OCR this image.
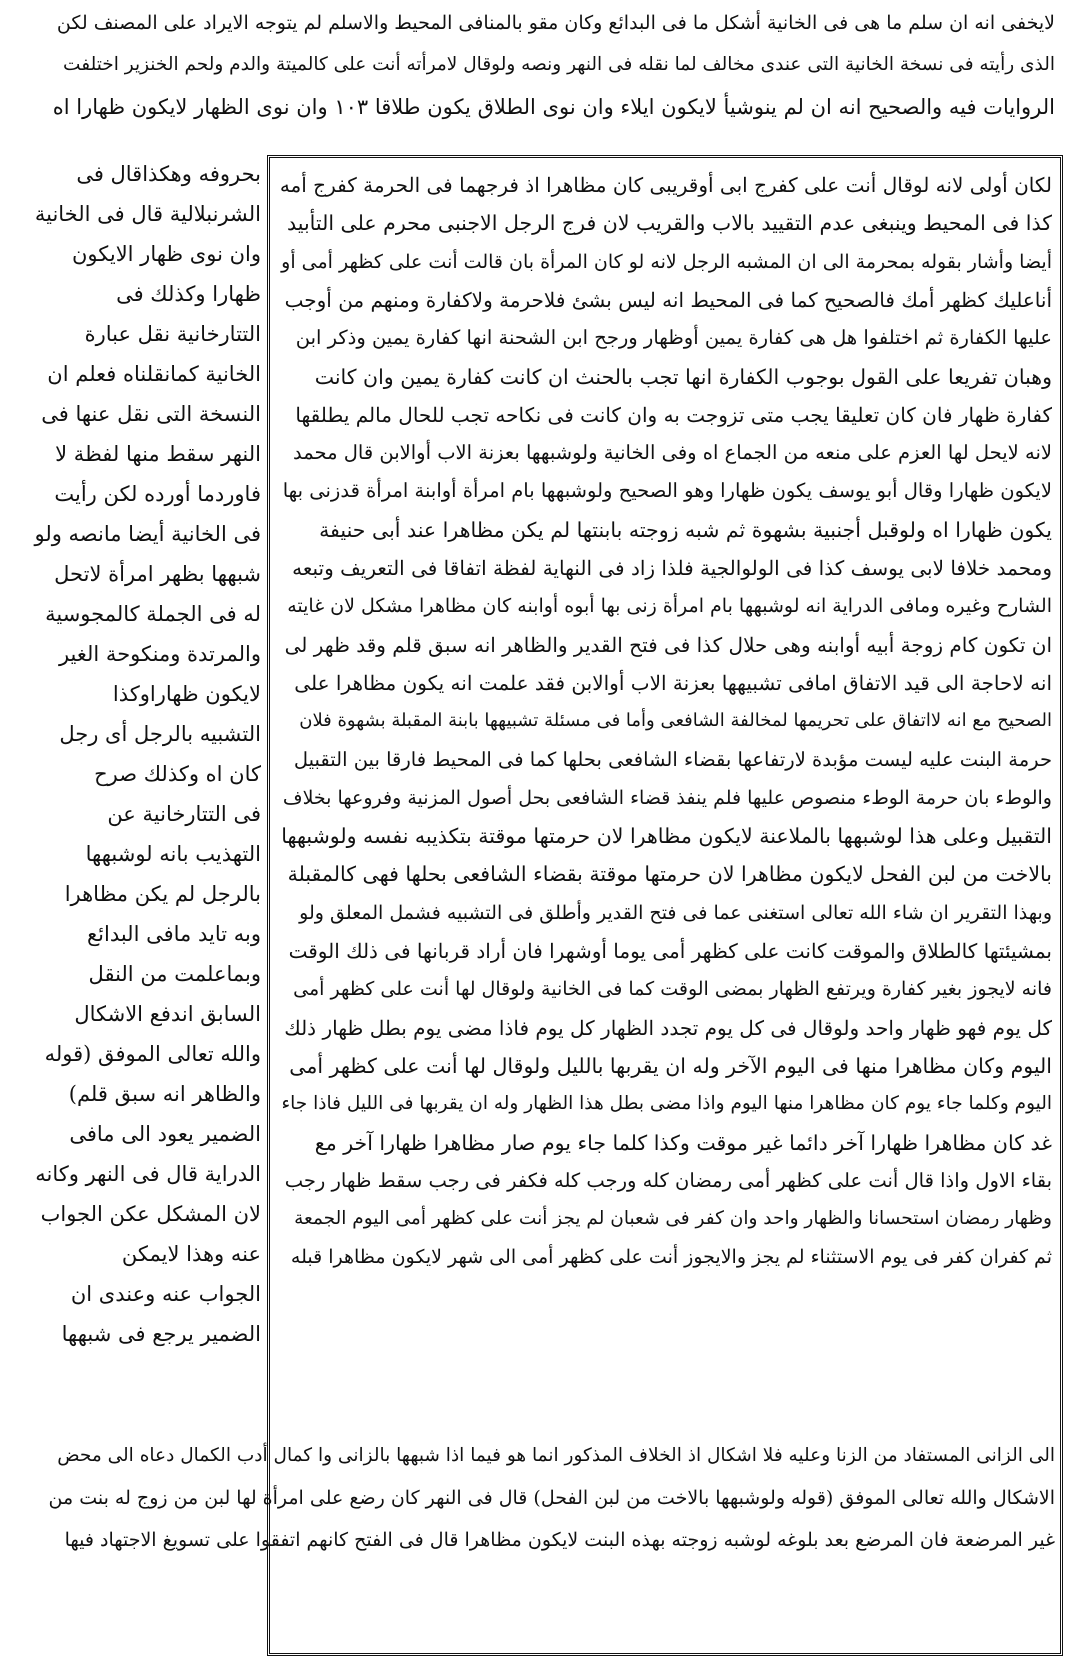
لايخفى انه ان سلم ما هى فى الخانية أشكل ما فى البدائع وكان مقو بالمنافى المحيط والاسلم لم يتوجه الايراد على المصنف لكن
الذى رأيته فى نسخة الخانية التى عندى مخالف لما نقله فى النهر ونصه ولوقال لامرأته أنت على كالميتة والدم ولحم الخنزير اختلفت
الروايات فيه والصحيح انه ان لم ينوشيأ لايكون ايلاء وان نوى الطلاق يكون طلاقا ١٠٣ وان نوى الظهار لايكون ظهارا اه
بحروفه وهكذاقال فى
الشرنبلالية قال فى الخانية
وان نوى ظهار الايكون
ظهارا وكذلك فى
التتارخانية نقل عبارة
الخانية كمانقلناه فعلم ان
النسخة التى نقل عنها فى
النهر سقط منها لفظة لا
فاوردما أورده لكن رأيت
فى الخانية أيضا مانصه ولو
شبهها بظهر امرأة لاتحل
له فى الجملة كالمجوسية
والمرتدة ومنكوحة الغير
لايكون ظهاراوكذا
التشبيه بالرجل أى رجل
كان اه وكذلك صرح
فى التتارخانية عن
التهذيب بانه لوشبهها
بالرجل لم يكن مظاهرا
وبه تايد مافى البدائع
وبماعلمت من النقل
السابق اندفع الاشكال
والله تعالى الموفق (قوله
والظاهر انه سبق قلم)
الضمير يعود الى مافى
الدراية قال فى النهر وكانه
لان المشكل عكن الجواب
عنه وهذا لايمكن
الجواب عنه وعندى ان
الضمير يرجع فى شبهها
لكان أولى لانه لوقال أنت على كفرج ابى أوقريبى كان مظاهرا اذ فرجهما فى الحرمة كفرج أمه
كذا فى المحيط وينبغى عدم التقييد بالاب والقريب لان فرج الرجل الاجنبى محرم على التأبيد
أيضا وأشار بقوله بمحرمة الى ان المشبه الرجل لانه لو كان المرأة بان قالت أنت على كظهر أمى أو
أناعليك كظهر أمك فالصحيح كما فى المحيط انه ليس بشئ فلاحرمة ولاكفارة ومنهم من أوجب
عليها الكفارة ثم اختلفوا هل هى كفارة يمين أوظهار ورجح ابن الشحنة انها كفارة يمين وذكر ابن
وهبان تفريعا على القول بوجوب الكفارة انها تجب بالحنث ان كانت كفارة يمين وان كانت
كفارة ظهار فان كان تعليقا يجب متى تزوجت به وان كانت فى نكاحه تجب للحال مالم يطلقها
لانه لايحل لها العزم على منعه من الجماع اه وفى الخانية ولوشبهها بعزنة الاب أوالابن قال محمد
لايكون ظهارا وقال أبو يوسف يكون ظهارا وهو الصحيح ولوشبهها بام امرأة أوابنة امرأة قدزنى بها
يكون ظهارا اه ولوقبل أجنبية بشهوة ثم شبه زوجته بابنتها لم يكن مظاهرا عند أبى حنيفة
ومحمد خلافا لابى يوسف كذا فى الولوالجية فلذا زاد فى النهاية لفظة اتفاقا فى التعريف وتبعه
الشارح وغيره ومافى الدراية انه لوشبهها بام امرأة زنى بها أبوه أوابنه كان مظاهرا مشكل لان غايته
ان تكون كام زوجة أبيه أوابنه وهى حلال كذا فى فتح القدير والظاهر انه سبق قلم وقد ظهر لى
انه لاحاجة الى قيد الاتفاق امافى تشبيهها بعزنة الاب أوالابن فقد علمت انه يكون مظاهرا على
الصحيح مع انه لااتفاق على تحريمها لمخالفة الشافعى وأما فى مسئلة تشبيهها بابنة المقبلة بشهوة فلان
حرمة البنت عليه ليست مؤبدة لارتفاعها بقضاء الشافعى بحلها كما فى المحيط فارقا بين التقبيل
والوطء بان حرمة الوطء منصوص عليها فلم ينفذ قضاء الشافعى بحل أصول المزنية وفروعها بخلاف
التقبيل وعلى هذا لوشبهها بالملاعنة لايكون مظاهرا لان حرمتها موقتة بتكذيبه نفسه ولوشبهها
بالاخت من لبن الفحل لايكون مظاهرا لان حرمتها موقتة بقضاء الشافعى بحلها فهى كالمقبلة
وبهذا التقرير ان شاء الله تعالى استغنى عما فى فتح القدير وأطلق فى التشبيه فشمل المعلق ولو
بمشيئتها كالطلاق والموقت كانت على كظهر أمى يوما أوشهرا فان أراد قربانها فى ذلك الوقت
فانه لايجوز بغير كفارة ويرتفع الظهار بمضى الوقت كما فى الخانية ولوقال لها أنت على كظهر أمى
كل يوم فهو ظهار واحد ولوقال فى كل يوم تجدد الظهار كل يوم فاذا مضى يوم بطل ظهار ذلك
اليوم وكان مظاهرا منها فى اليوم الآخر وله ان يقربها بالليل ولوقال لها أنت على كظهر أمى
اليوم وكلما جاء يوم كان مظاهرا منها اليوم واذا مضى بطل هذا الظهار وله ان يقربها فى الليل فاذا جاء
غد كان مظاهرا ظهارا آخر دائما غير موقت وكذا كلما جاء يوم صار مظاهرا ظهارا آخر مع
بقاء الاول واذا قال أنت على كظهر أمى رمضان كله ورجب كله فكفر فى رجب سقط ظهار رجب
وظهار رمضان استحسانا والظهار واحد وان كفر فى شعبان لم يجز أنت على كظهر أمى اليوم الجمعة
ثم كفران كفر فى يوم الاستثناء لم يجز والايجوز أنت على كظهر أمى الى شهر لايكون مظاهرا قبله
الى الزانى المستفاد من الزنا وعليه فلا اشكال اذ الخلاف المذكور انما هو فيما اذا شبهها بالزانى وا كمال أدب الكمال دعاه الى محض
الاشكال والله تعالى الموفق (قوله ولوشبهها بالاخت من لبن الفحل) قال فى النهر كان رضع على امرأة لها لبن من زوج له بنت من
غير المرضعة فان المرضع بعد بلوغه لوشبه زوجته بهذه البنت لايكون مظاهرا قال فى الفتح كانهم اتفقوا على تسويغ الاجتهاد فيها
